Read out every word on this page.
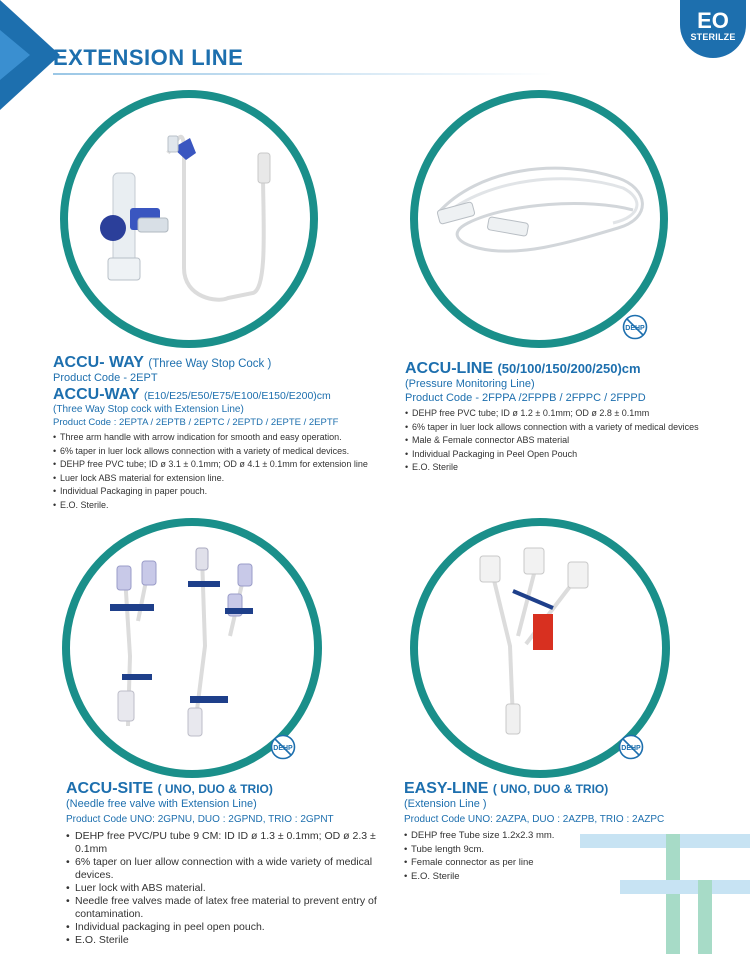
EO
STERILZE
EXTENSION LINE
DEHP
DEHP	DEHP
ACCU- WAY (Three Way Stop Cock )
Product Code - 2EPT
ACCU-WAY (E10/E25/E50/E75/E100/E150/E200)cm
(Three Way Stop cock with Extension Line)
Product Code : 2EPTA / 2EPTB / 2EPTC / 2EPTD / 2EPTE / 2EPTF
• Three arm handle with arrow indication for smooth and easy operation.
• 6% taper in luer lock allows connection with a variety of medical devices.
• DEHP free PVC tube; ID ø 3.1 ± 0.1mm; OD ø 4.1 ± 0.1mm for extension line
• Luer lock ABS material for extension line.
• Individual Packaging in paper pouch.
• E.O. Sterile.
ACCU-LINE (50/100/150/200/250)cm
(Pressure Monitoring Line)
Product Code - 2FPPA /2FPPB / 2FPPC / 2FPPD
• DEHP free PVC tube; ID ø 1.2 ± 0.1mm; OD ø 2.8 ± 0.1mm
• 6% taper in luer lock allows connection with a variety of medical devices
• Male & Female connector ABS material
• Individual Packaging in Peel Open Pouch
• E.O. Sterile
ACCU-SITE ( UNO, DUO & TRIO)
(Needle free valve with Extension Line)
Product Code UNO: 2GPNU, DUO : 2GPND, TRIO : 2GPNT
• DEHP free PVC/PU tube 9 CM: ID ID ø 1.3 ± 0.1mm; OD ø 2.3 ± 0.1mm
• 6% taper on luer allow connection with a wide variety of medical devices.
• Luer lock with ABS material.
• Needle free valves made of latex free material to prevent entry of contamination.
• Individual packaging in peel open pouch.
• E.O. Sterile
EASY-LINE ( UNO, DUO & TRIO)
(Extension Line )
Product Code UNO: 2AZPA, DUO : 2AZPB, TRIO : 2AZPC
• DEHP free Tube size 1.2x2.3 mm.
• Tube length 9cm.
• Female connector as per line
• E.O. Sterile
